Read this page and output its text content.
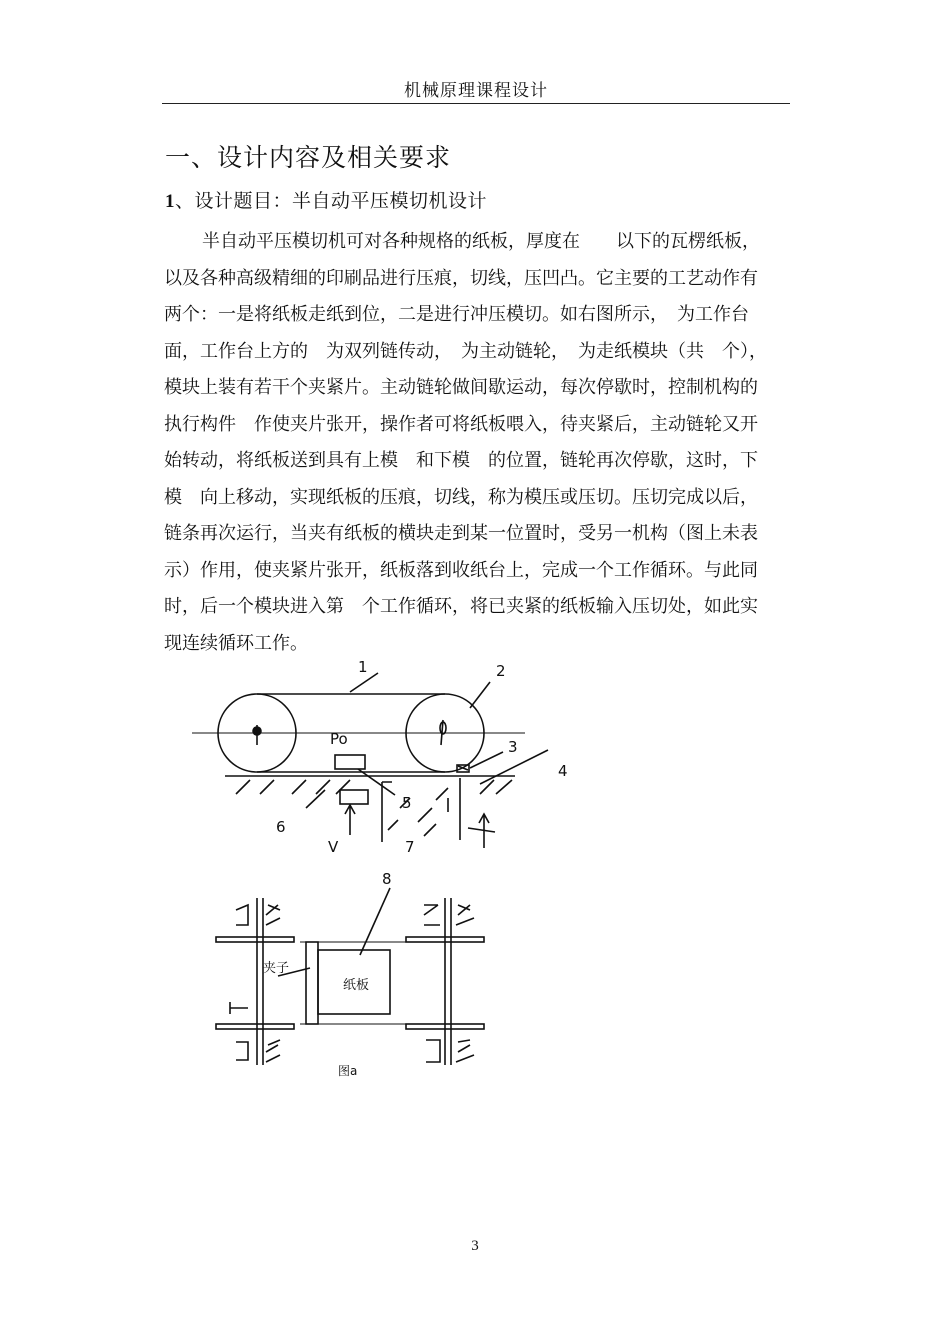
机械原理课程设计
一、设计内容及相关要求
1、设计题目：半自动平压模切机设计
半自动平压模切机可对各种规格的纸板，厚度在　　以下的瓦楞纸板，
以及各种高级精细的印刷品进行压痕，切线，压凹凸。它主要的工艺动作有
两个：一是将纸板走纸到位，二是进行冲压模切。如右图所示，　为工作台
面，工作台上方的　为双列链传动，　为主动链轮，　为走纸模块（共　个），
模块上装有若干个夹紧片。主动链轮做间歇运动，每次停歇时，控制机构的
执行构件　作使夹片张开，操作者可将纸板喂入，待夹紧后，主动链轮又开
始转动，将纸板送到具有上模　和下模　的位置，链轮再次停歇，这时，下
模　向上移动，实现纸板的压痕，切线，称为模压或压切。压切完成以后，
链条再次运行，当夹有纸板的横块走到某一位置时，受另一机构（图上未表
示）作用，使夹紧片张开，纸板落到收纸台上，完成一个工作循环。与此同
时，后一个模块进入第　个工作循环，将已夹紧的纸板输入压切处，如此实
现连续循环工作。
1	2
3
4
5
6
7
Po
V
8
夹子
纸板
图a
3
